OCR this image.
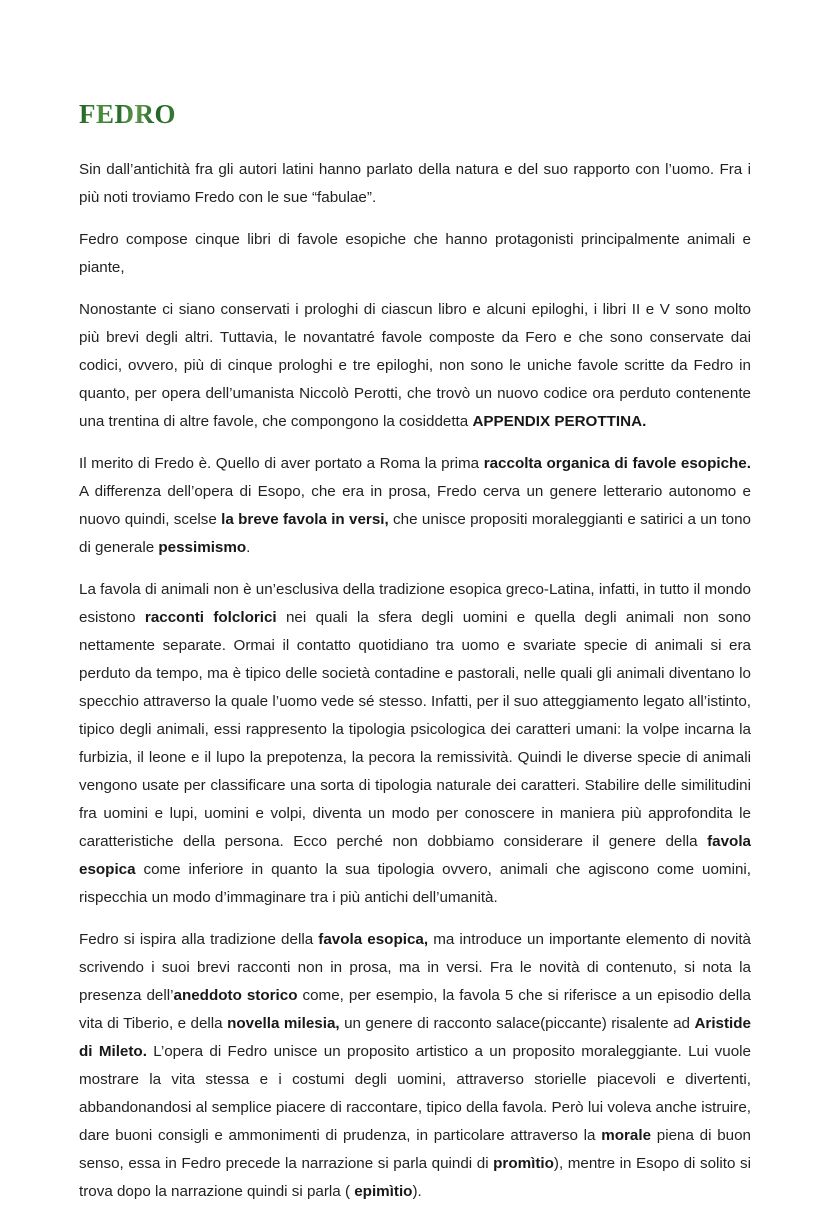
FEDRO

Sin dall’antichità fra gli autori latini hanno parlato della natura e del suo rapporto con l’uomo. Fra i più noti troviamo Fredo con le sue “fabulae”.

Fedro compose cinque libri di favole esopiche che hanno protagonisti principalmente animali e piante,

Nonostante ci siano conservati i prologhi di ciascun libro e alcuni epiloghi, i libri II e V sono molto più brevi degli altri. Tuttavia, le novantatré favole composte da Fero e che sono conservate dai codici, ovvero, più di cinque prologhi e tre epiloghi, non sono le uniche favole scritte da Fedro in quanto, per opera dell’umanista Niccolò Perotti, che trovò un nuovo codice ora perduto contenente una trentina di altre favole, che compongono la cosiddetta APPENDIX PEROTTINA.

Il merito di Fredo è. Quello di aver portato a Roma la prima raccolta organica di favole esopiche. A differenza dell’opera di Esopo, che era in prosa, Fredo cerva un genere letterario autonomo e nuovo quindi, scelse la breve favola in versi, che unisce propositi moraleggianti e satirici a un tono di generale pessimismo.

La favola di animali non è un’esclusiva della tradizione esopica greco-Latina, infatti, in tutto il mondo esistono racconti folclorici nei quali la sfera degli uomini e quella degli animali non sono nettamente separate. Ormai il contatto quotidiano tra uomo e svariate specie di animali si era perduto da tempo, ma è tipico delle società contadine e pastorali, nelle quali gli animali diventano lo specchio attraverso la quale l’uomo vede sé stesso. Infatti, per il suo atteggiamento legato all’istinto, tipico degli animali, essi rappresento la tipologia psicologica dei caratteri umani: la volpe incarna la furbizia, il leone e il lupo la prepotenza, la pecora la remissività. Quindi le diverse specie di animali vengono usate per classificare una sorta di tipologia naturale dei caratteri. Stabilire delle similitudini fra uomini e lupi, uomini e volpi, diventa un modo per conoscere in maniera più approfondita le caratteristiche della persona. Ecco perché non dobbiamo considerare il genere della favola esopica come inferiore in quanto la sua tipologia ovvero, animali che agiscono come uomini, rispecchia un modo d’immaginare tra i più antichi dell’umanità.

Fedro si ispira alla tradizione della favola esopica, ma introduce un importante elemento di novità scrivendo i suoi brevi racconti non in prosa, ma in versi. Fra le novità di contenuto, si nota la presenza dell’aneddoto storico come, per esempio, la favola 5 che si riferisce a un episodio della vita di Tiberio, e della novella milesia, un genere di racconto salace(piccante) risalente ad Aristide di Mileto. L’opera di Fedro unisce un proposito artistico a un proposito moraleggiante. Lui vuole mostrare la vita stessa e i costumi degli uomini, attraverso storielle piacevoli e divertenti, abbandonandosi al semplice piacere di raccontare, tipico della favola. Però lui voleva anche istruire, dare buoni consigli e ammonimenti di prudenza, in particolare attraverso la morale piena di buon senso, essa in Fedro precede la narrazione si parla quindi di promìtio), mentre in Esopo di solito si trova dopo la narrazione quindi si parla ( epimìtio).
